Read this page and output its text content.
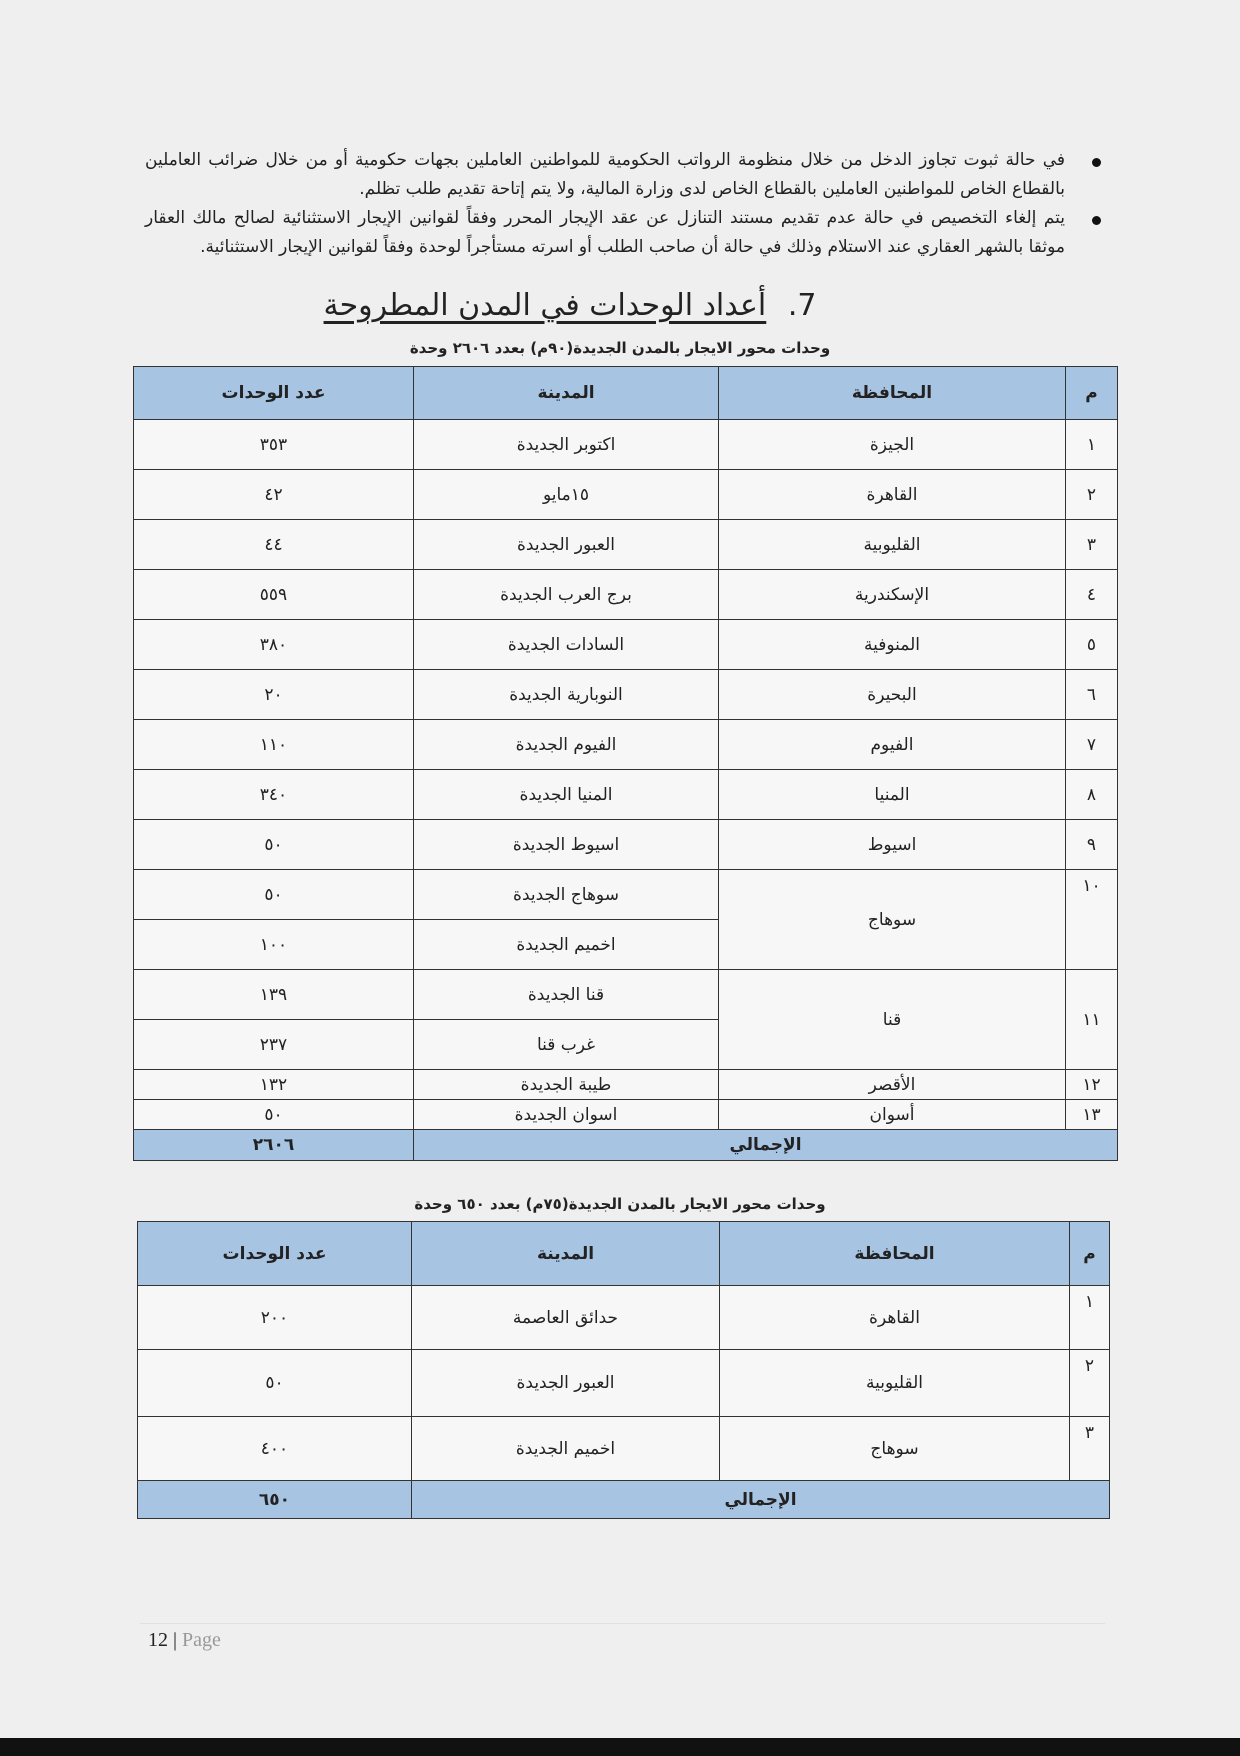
في حالة ثبوت تجاوز الدخل من خلال منظومة الرواتب الحكومية للمواطنين العاملين بجهات حكومية أو من خلال ضرائب العاملين بالقطاع الخاص للمواطنين العاملين بالقطاع الخاص لدى وزارة المالية، ولا يتم إتاحة تقديم طلب تظلم.
يتم إلغاء التخصيص في حالة عدم تقديم مستند التنازل عن عقد الإيجار المحرر وفقاً لقوانين الإيجار الاستثنائية لصالح مالك العقار موثقا بالشهر العقاري عند الاستلام وذلك في حالة أن صاحب الطلب أو اسرته مستأجراً لوحدة وفقاً لقوانين الإيجار الاستثنائية.
7. أعداد الوحدات في المدن المطروحة
وحدات محور الايجار بالمدن الجديدة(٩٠م) بعدد ٢٦٠٦ وحدة
م	المحافظة	المدينة	عدد الوحدات
١	الجيزة	اكتوبر الجديدة	٣٥٣
٢	القاهرة	١٥مايو	٤٢
٣	القليوبية	العبور الجديدة	٤٤
٤	الإسكندرية	برج العرب الجديدة	٥٥٩
٥	المنوفية	السادات الجديدة	٣٨٠
٦	البحيرة	النوبارية الجديدة	٢٠
٧	الفيوم	الفيوم الجديدة	١١٠
٨	المنيا	المنيا الجديدة	٣٤٠
٩	اسيوط	اسيوط الجديدة	٥٠
١٠	سوهاج	سوهاج الجديدة	٥٠
		اخميم الجديدة	١٠٠
١١	قنا	قنا الجديدة	١٣٩
		غرب قنا	٢٣٧
١٢	الأقصر	طيبة الجديدة	١٣٢
١٣	أسوان	اسوان الجديدة	٥٠
الإجمالي			٢٦٠٦
وحدات محور الايجار بالمدن الجديدة(٧٥م) بعدد ٦٥٠ وحدة
م	المحافظة	المدينة	عدد الوحدات
١	القاهرة	حدائق العاصمة	٢٠٠
٢	القليوبية	العبور الجديدة	٥٠
٣	سوهاج	اخميم الجديدة	٤٠٠
الإجمالي			٦٥٠
12 | Page
